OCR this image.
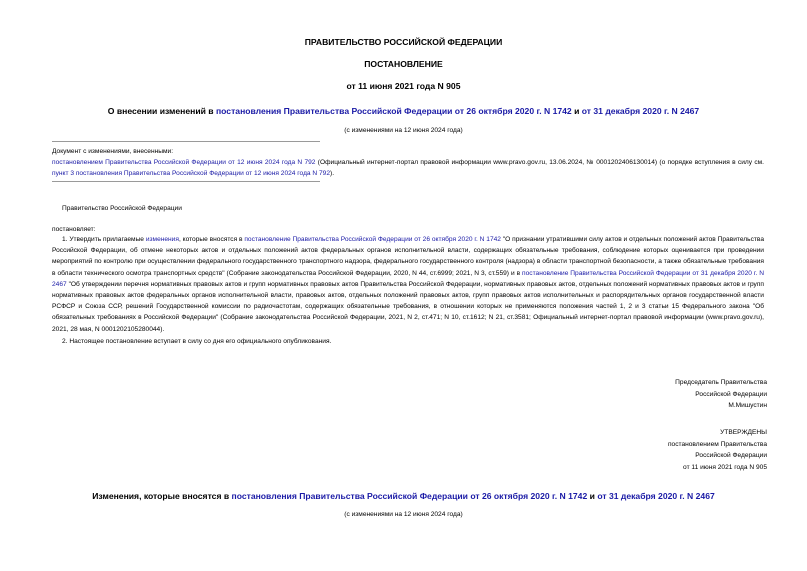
ПРАВИТЕЛЬСТВО РОССИЙСКОЙ ФЕДЕРАЦИИ
ПОСТАНОВЛЕНИЕ
от 11 июня 2021 года N 905
О внесении изменений в постановления Правительства Российской Федерации от 26 октября 2020 г. N 1742 и от 31 декабря 2020 г. N 2467
(с изменениями на 12 июня 2024 года)

Документ с изменениями, внесенными:

постановлением Правительства Российской Федерации от 12 июня 2024 года N 792 (Официальный интернет-портал правовой информации www.pravo.gov.ru, 13.06.2024, № 0001202406130014) (о порядке вступления в силу см. пункт 3 постановления Правительства Российской Федерации от 12 июня 2024 года N 792).

Правительство Российской Федерации
постановляет:
1. Утвердить прилагаемые изменения, которые вносятся в постановление Правительства Российской Федерации от 26 октября 2020 г. N 1742 "О признании утратившими силу актов и отдельных положений актов Правительства Российской Федерации, об отмене некоторых актов и отдельных положений актов федеральных органов исполнительной власти, содержащих обязательные требования, соблюдение которых оценивается при проведении мероприятий по контролю при осуществлении федерального государственного транспортного надзора, федерального государственного контроля (надзора) в области транспортной безопасности, а также обязательные требования в области технического осмотра транспортных средств" (Собрание законодательства Российской Федерации, 2020, N 44, ст.6999; 2021, N 3, ст.559) и в постановление Правительства Российской Федерации от 31 декабря 2020 г. N 2467 "Об утверждении перечня нормативных правовых актов и групп нормативных правовых актов Правительства Российской Федерации, нормативных правовых актов, отдельных положений нормативных правовых актов и групп нормативных правовых актов федеральных органов исполнительной власти, правовых актов, отдельных положений правовых актов, групп правовых актов исполнительных и распорядительных органов государственной власти РСФСР и Союза ССР, решений Государственной комиссии по радиочастотам, содержащих обязательные требования, в отношении которых не применяются положения частей 1, 2 и 3 статьи 15 Федерального закона "Об обязательных требованиях в Российской Федерации" (Собрание законодательства Российской Федерации, 2021, N 2, ст.471; N 10, ст.1612; N 21, ст.3581; Официальный интернет-портал правовой информации (www.pravo.gov.ru), 2021, 28 мая, N 0001202105280044).
2. Настоящее постановление вступает в силу со дня его официального опубликования.
Председатель Правительства
Российской Федерации
М.Мишустин
УТВЕРЖДЕНЫ
постановлением Правительства
Российской Федерации
от 11 июня 2021 года N 905
Изменения, которые вносятся в постановления Правительства Российской Федерации от 26 октября 2020 г. N 1742 и от 31 декабря 2020 г. N 2467
(с изменениями на 12 июня 2024 года)
